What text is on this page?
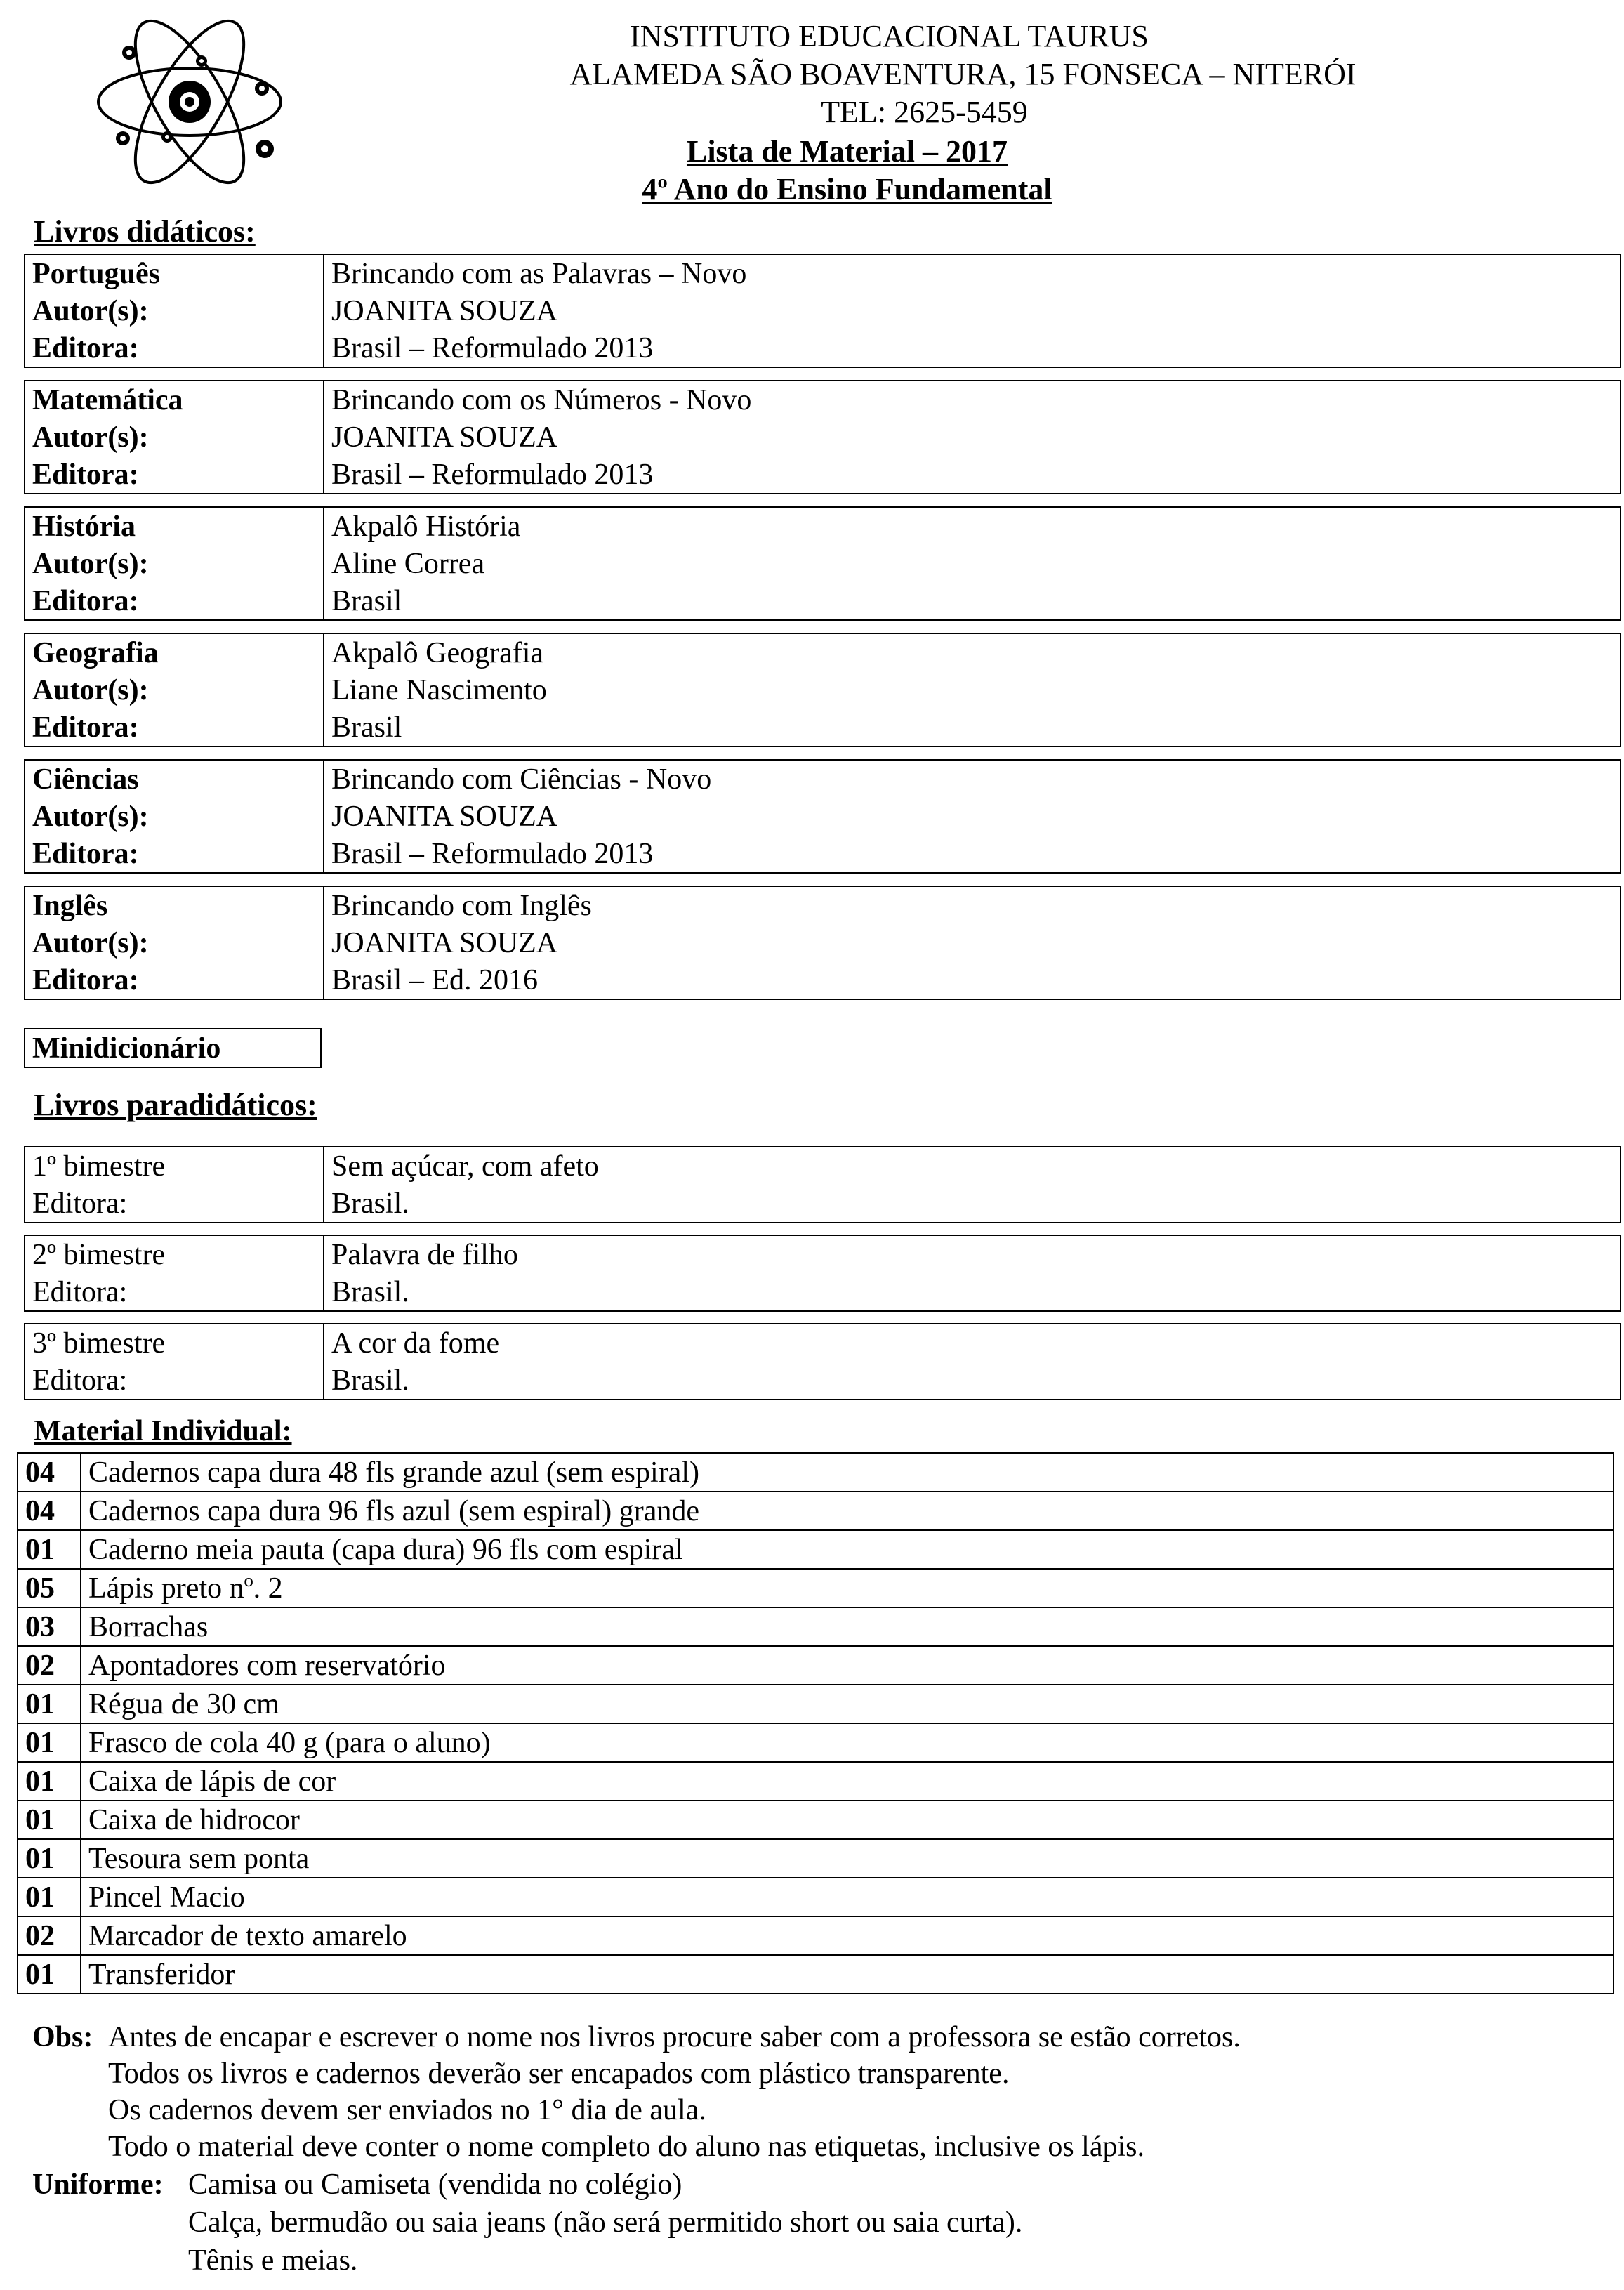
INSTITUTO EDUCACIONAL TAURUS
ALAMEDA SÃO BOAVENTURA, 15 FONSECA – NITERÓI
TEL: 2625-5459
Lista de Material – 2017
4º Ano do Ensino Fundamental
Livros didáticos:
Português	Brincando com as Palavras – Novo
Autor(s):	JOANITA SOUZA
Editora:	Brasil – Reformulado 2013
Matemática	Brincando com os Números - Novo
Autor(s):	JOANITA SOUZA
Editora:	Brasil – Reformulado 2013
História	Akpalô História
Autor(s):	Aline Correa
Editora:	Brasil
Geografia	Akpalô Geografia
Autor(s):	Liane Nascimento
Editora:	Brasil
Ciências	Brincando com Ciências - Novo
Autor(s):	JOANITA SOUZA
Editora:	Brasil – Reformulado 2013
Inglês	Brincando com Inglês
Autor(s):	JOANITA SOUZA
Editora:	Brasil – Ed. 2016
Minidicionário
Livros paradidáticos:
1º bimestre	Sem açúcar, com afeto
Editora:	Brasil.
2º bimestre	Palavra de filho
Editora:	Brasil.
3º bimestre	A cor da fome
Editora:	Brasil.
Material Individual:
04	Cadernos capa dura 48 fls grande azul (sem espiral)
04	Cadernos capa dura 96 fls azul (sem espiral) grande
01	Caderno meia pauta (capa dura) 96 fls com espiral
05	Lápis preto nº. 2
03	Borrachas
02	Apontadores com reservatório
01	Régua de 30 cm
01	Frasco de cola 40 g (para o aluno)
01	Caixa de lápis de cor
01	Caixa de hidrocor
01	Tesoura sem ponta
01	Pincel Macio
02	Marcador de texto amarelo
01	Transferidor
Obs: Antes de encapar e escrever o nome nos livros procure saber com a professora se estão corretos.
Todos os livros e cadernos deverão ser encapados com plástico transparente.
Os cadernos devem ser enviados no 1° dia de aula.
Todo o material deve conter o nome completo do aluno nas etiquetas, inclusive os lápis.
Uniforme: Camisa ou Camiseta (vendida no colégio)
Calça, bermudão ou saia jeans (não será permitido short ou saia curta).
Tênis e meias.
